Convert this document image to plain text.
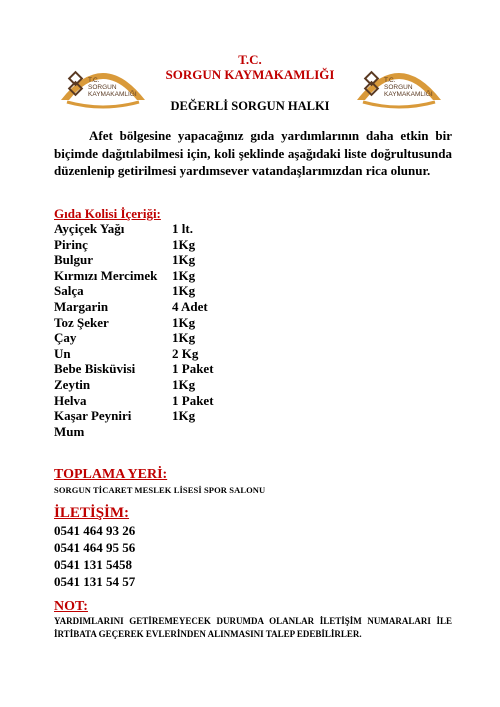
T.C.
SORGUN
KAYMAKAMLIĞI
T.C.
SORGUN
KAYMAKAMLIĞI
T.C.
SORGUN KAYMAKAMLIĞI
DEĞERLİ SORGUN HALKI
Afet bölgesine yapacağınız gıda yardımlarının daha etkin bir biçimde dağıtılabilmesi için, koli şeklinde aşağıdaki liste doğrultusunda düzenlenip getirilmesi yardımsever vatandaşlarımızdan rica olunur.
Gıda Kolisi İçeriği:
Ayçiçek Yağı	1 lt.
Pirinç	1Kg
Bulgur	1Kg
Kırmızı Mercimek	1Kg
Salça	1Kg
Margarin	4 Adet
Toz Şeker	1Kg
Çay	1Kg
Un	2 Kg
Bebe Bisküvisi	1 Paket
Zeytin	1Kg
Helva	1 Paket
Kaşar Peyniri	1Kg
Mum
TOPLAMA YERİ:
SORGUN TİCARET MESLEK LİSESİ SPOR SALONU
İLETİŞİM:
0541 464 93 26
0541 464 95 56
0541 131 5458
0541 131 54 57
NOT:
YARDIMLARINI GETİREMEYECEK DURUMDA OLANLAR İLETİŞİM NUMARALARI İLE İRTİBATA GEÇEREK EVLERİNDEN ALINMASINI TALEP EDEBİLİRLER.
